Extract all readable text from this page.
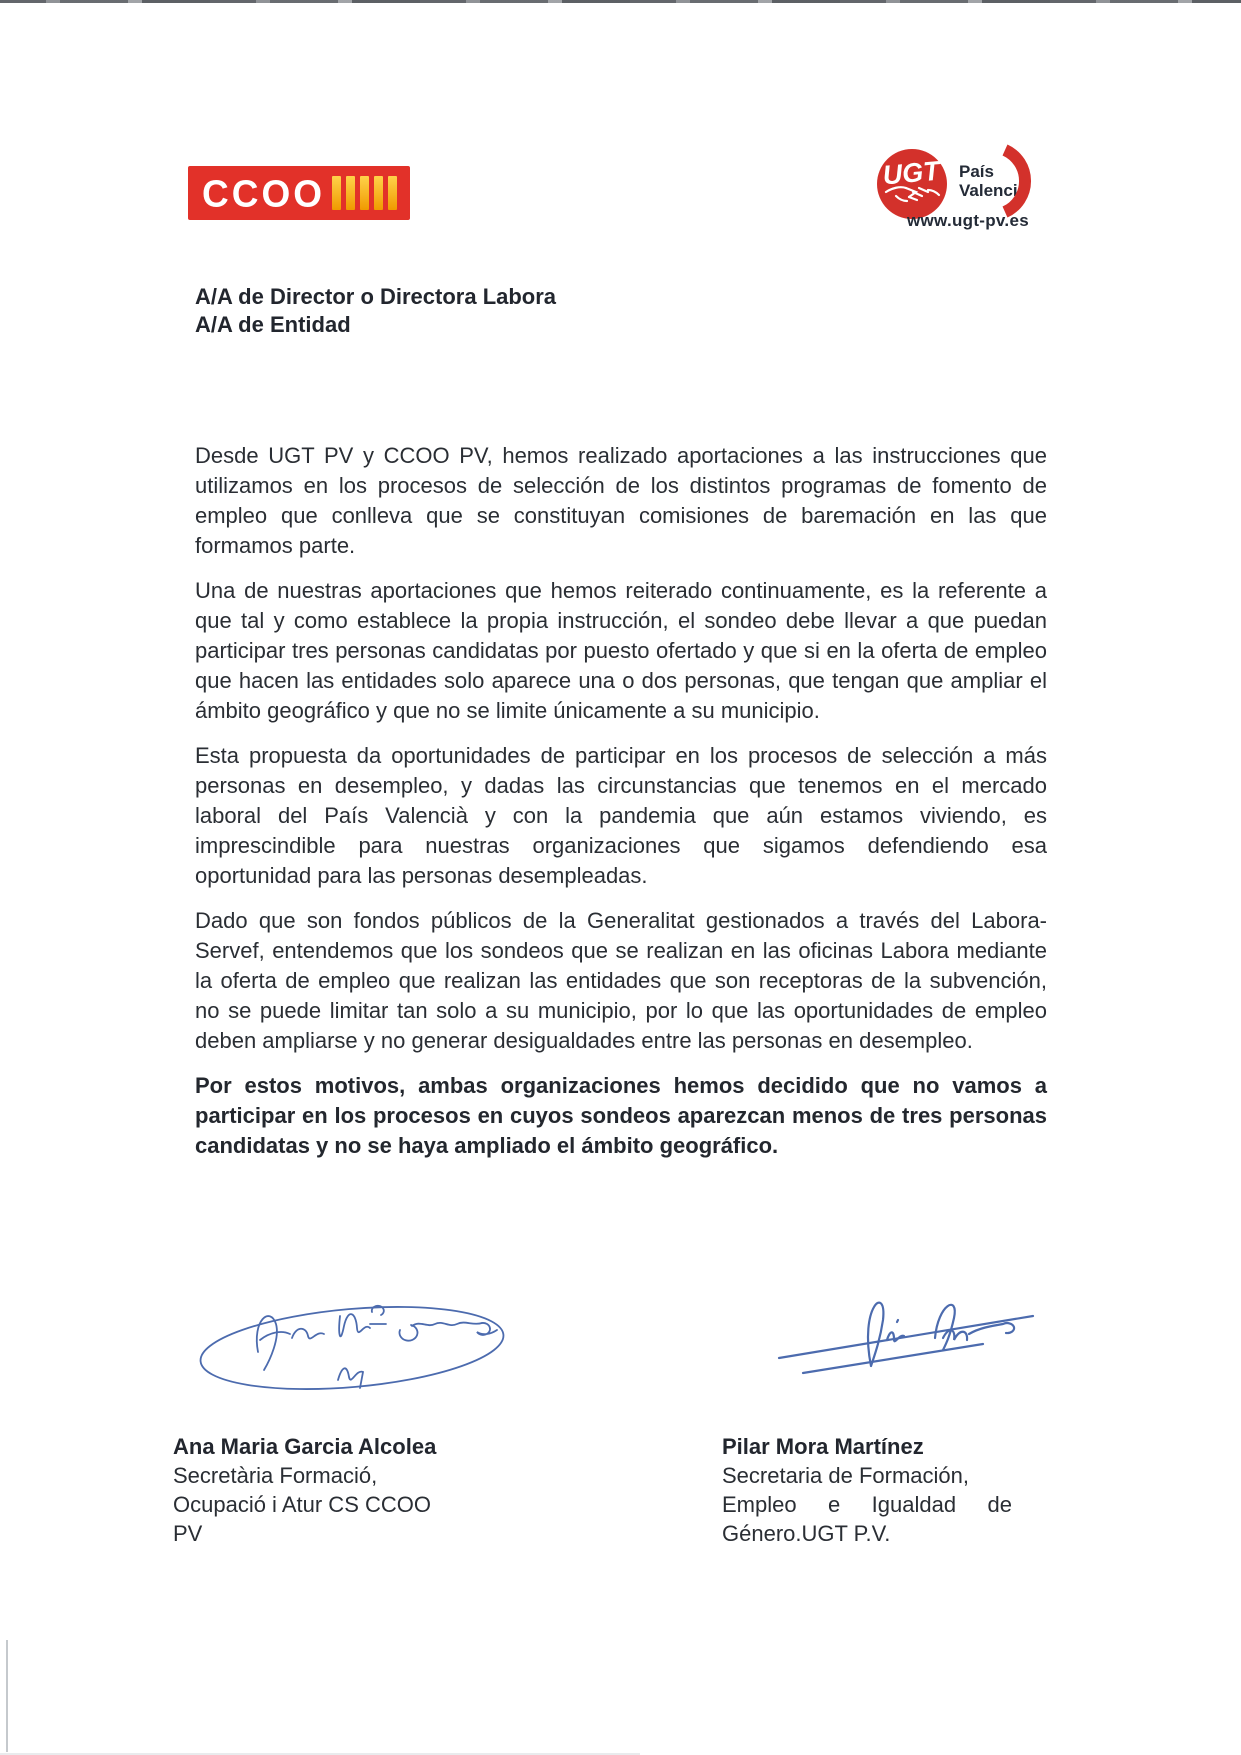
CCOO	UGT País
Valencià
www.ugt-pv.es
A/A de Director o Directora Labora
A/A de Entidad

Desde UGT PV y CCOO PV, hemos realizado aportaciones a las instrucciones que utilizamos en los procesos de selección de los distintos programas de fomento de empleo que conlleva que se constituyan comisiones de baremación en las que formamos parte.

Una de nuestras aportaciones que hemos reiterado continuamente, es la referente a que tal y como establece la propia instrucción, el sondeo debe llevar a que puedan participar tres personas candidatas por puesto ofertado y que si en la oferta de empleo que hacen las entidades solo aparece una o dos personas, que tengan que ampliar el ámbito geográfico y que no se limite únicamente a su municipio.

Esta propuesta da oportunidades de participar en los procesos de selección a más personas en desempleo, y dadas las circunstancias que tenemos en el mercado laboral del País Valencià y con la pandemia que aún estamos viviendo, es imprescindible para nuestras organizaciones que sigamos defendiendo esa oportunidad para las personas desempleadas.

Dado que son fondos públicos de la Generalitat gestionados a través del Labora-Servef, entendemos que los sondeos que se realizan en las oficinas Labora mediante la oferta de empleo que realizan las entidades que son receptoras de la subvención, no se puede limitar tan solo a su municipio, por lo que las oportunidades de empleo deben ampliarse y no generar desigualdades entre las personas en desempleo.

Por estos motivos, ambas organizaciones hemos decidido que no vamos a participar en los procesos en cuyos sondeos aparezcan menos de tres personas candidatas y no se haya ampliado el ámbito geográfico.

Ana Maria Garcia Alcolea
Secretària Formació,
Ocupació i Atur CS CCOO
PV
Pilar Mora Martínez
Secretaria de Formación,
Empleo e Igualdad de
Género.UGT P.V.
